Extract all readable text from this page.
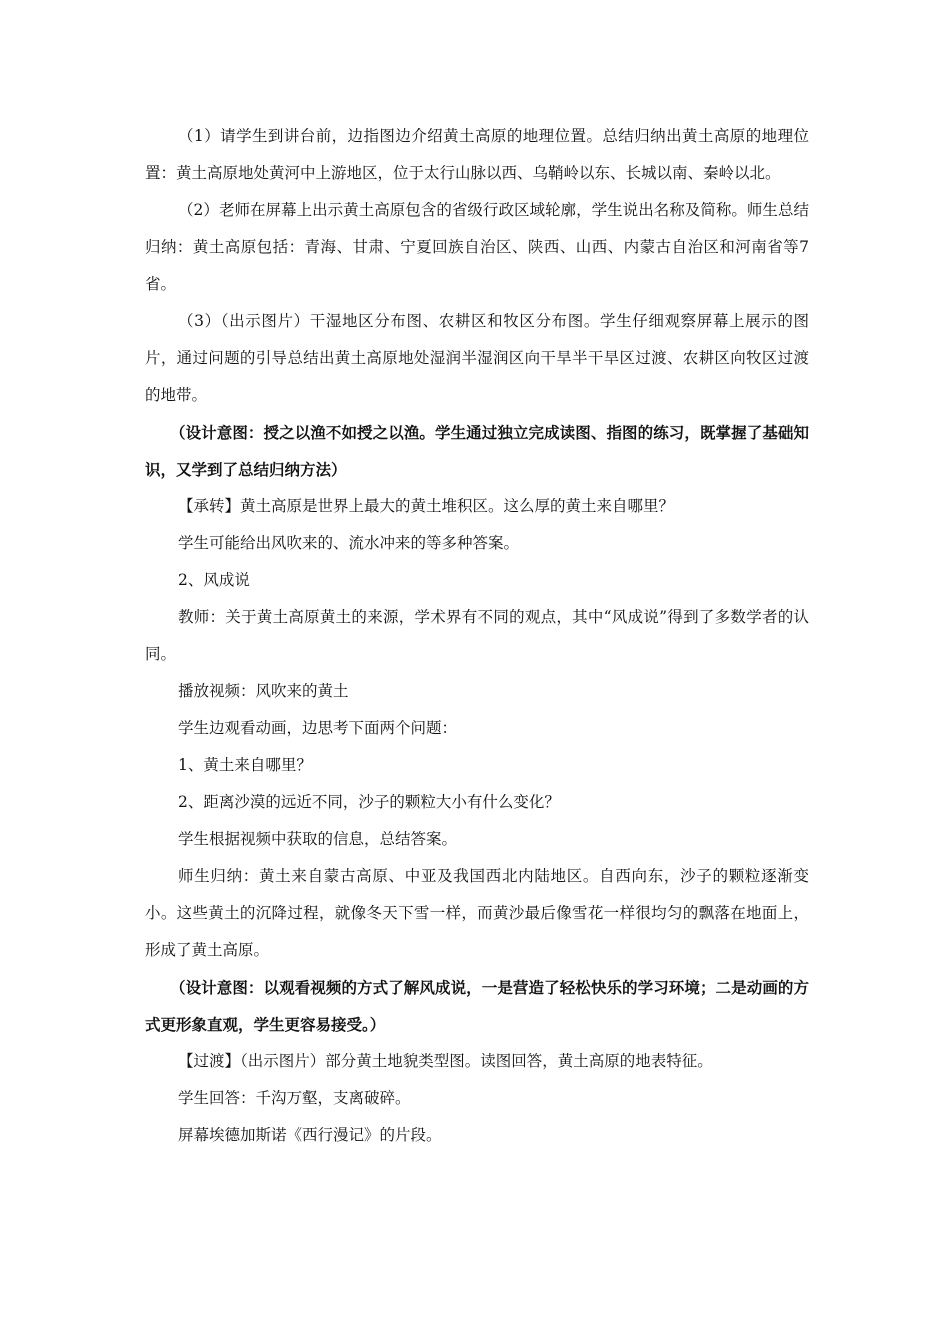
（1）请学生到讲台前，边指图边介绍黄土高原的地理位置。总结归纳出黄土高原的地理位置：黄土高原地处黄河中上游地区，位于太行山脉以西、乌鞘岭以东、长城以南、秦岭以北。

（2）老师在屏幕上出示黄土高原包含的省级行政区域轮廓，学生说出名称及简称。师生总结归纳：黄土高原包括：青海、甘肃、宁夏回族自治区、陕西、山西、内蒙古自治区和河南省等7省。

（3）（出示图片）干湿地区分布图、农耕区和牧区分布图。学生仔细观察屏幕上展示的图片，通过问题的引导总结出黄土高原地处湿润半湿润区向干旱半干旱区过渡、农耕区向牧区过渡的地带。

（设计意图：授之以渔不如授之以渔。学生通过独立完成读图、指图的练习，既掌握了基础知识，又学到了总结归纳方法）

【承转】黄土高原是世界上最大的黄土堆积区。这么厚的黄土来自哪里？

学生可能给出风吹来的、流水冲来的等多种答案。

2、风成说

教师：关于黄土高原黄土的来源，学术界有不同的观点，其中“风成说”得到了多数学者的认同。

播放视频：风吹来的黄土

学生边观看动画，边思考下面两个问题：

1、黄土来自哪里？

2、距离沙漠的远近不同，沙子的颗粒大小有什么变化？

学生根据视频中获取的信息，总结答案。

师生归纳：黄土来自蒙古高原、中亚及我国西北内陆地区。自西向东，沙子的颗粒逐渐变小。这些黄土的沉降过程，就像冬天下雪一样，而黄沙最后像雪花一样很均匀的飘落在地面上，形成了黄土高原。

（设计意图：以观看视频的方式了解风成说，一是营造了轻松快乐的学习环境；二是动画的方式更形象直观，学生更容易接受。）

【过渡】（出示图片）部分黄土地貌类型图。读图回答，黄土高原的地表特征。

学生回答：千沟万壑，支离破碎。

屏幕埃德加斯诺《西行漫记》的片段。
